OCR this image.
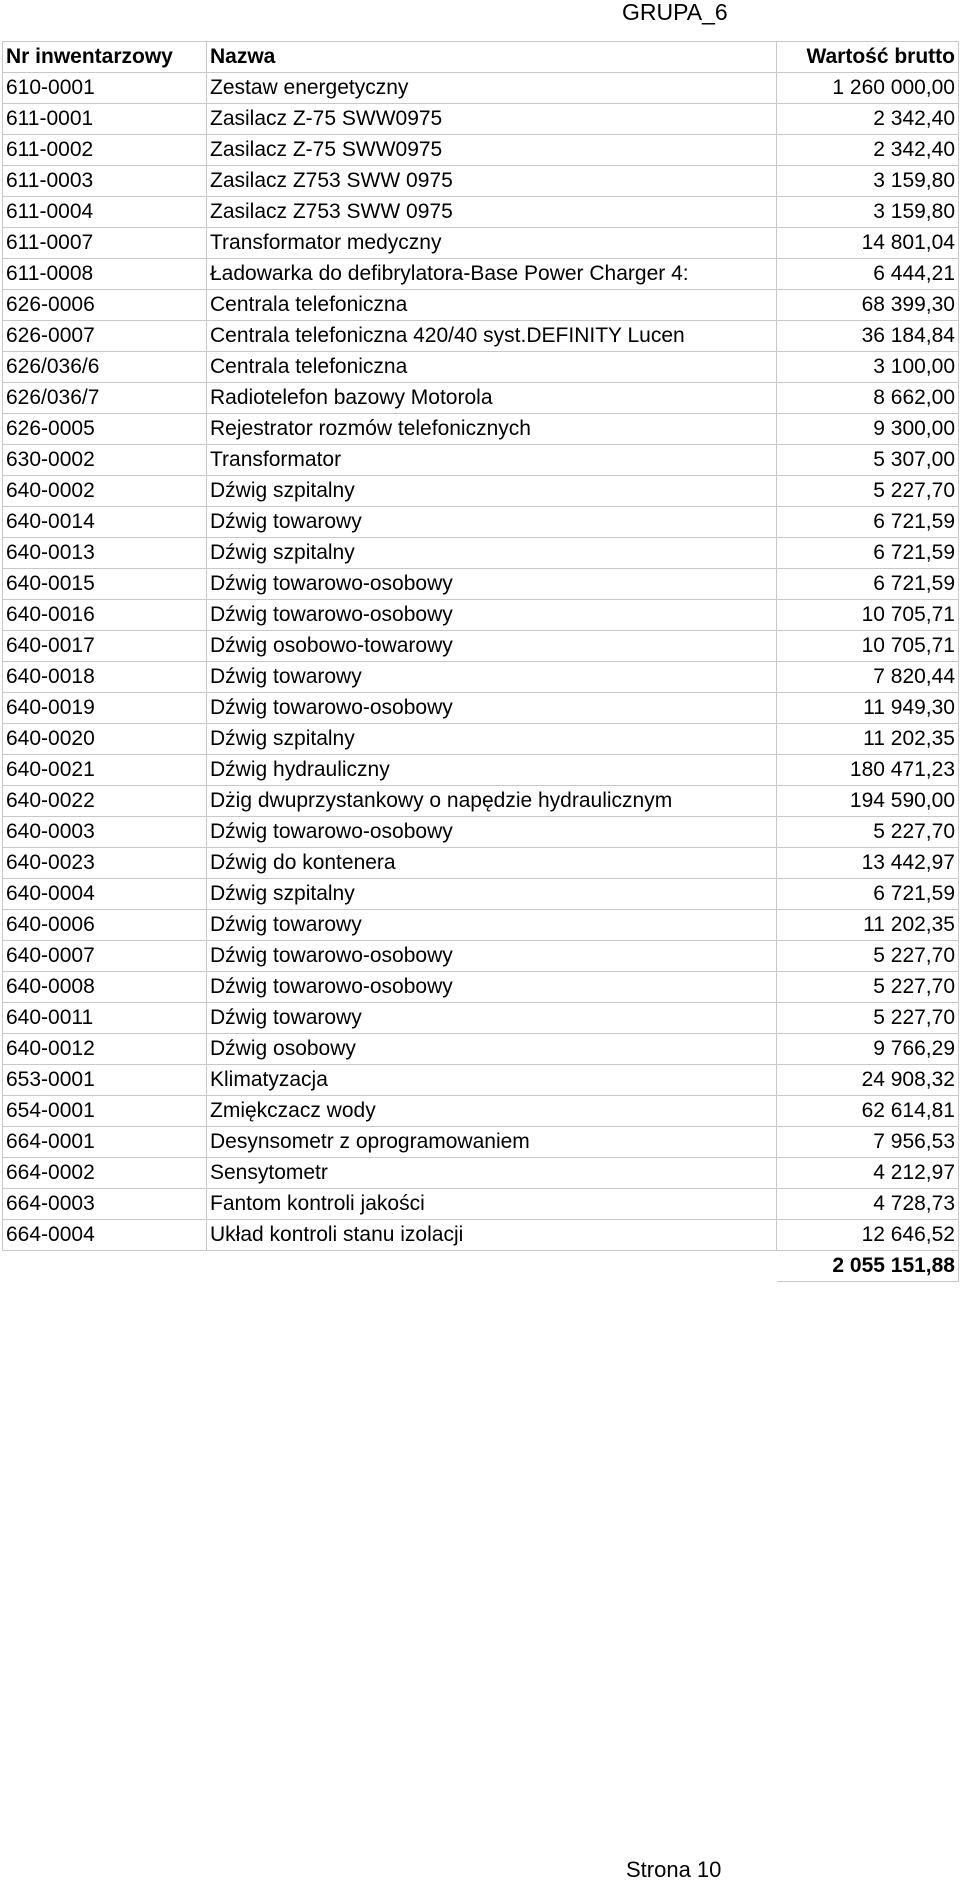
GRUPA_6
Nr inwentarzowy	Nazwa	Wartość brutto
610-0001	Zestaw energetyczny	1 260 000,00
611-0001	Zasilacz Z-75 SWW0975	2 342,40
611-0002	Zasilacz Z-75 SWW0975	2 342,40
611-0003	Zasilacz Z753 SWW 0975	3 159,80
611-0004	Zasilacz Z753 SWW 0975	3 159,80
611-0007	Transformator medyczny	14 801,04
611-0008	Ładowarka do defibrylatora-Base Power Charger 4:	6 444,21
626-0006	Centrala telefoniczna	68 399,30
626-0007	Centrala telefoniczna 420/40 syst.DEFINITY Lucen	36 184,84
626/036/6	Centrala telefoniczna	3 100,00
626/036/7	Radiotelefon bazowy Motorola	8 662,00
626-0005	Rejestrator rozmów telefonicznych	9 300,00
630-0002	Transformator	5 307,00
640-0002	Dźwig szpitalny	5 227,70
640-0014	Dźwig towarowy	6 721,59
640-0013	Dźwig szpitalny	6 721,59
640-0015	Dźwig towarowo-osobowy	6 721,59
640-0016	Dźwig towarowo-osobowy	10 705,71
640-0017	Dźwig osobowo-towarowy	10 705,71
640-0018	Dźwig towarowy	7 820,44
640-0019	Dźwig towarowo-osobowy	11 949,30
640-0020	Dźwig szpitalny	11 202,35
640-0021	Dźwig hydrauliczny	180 471,23
640-0022	Dżig dwuprzystankowy o napędzie hydraulicznym	194 590,00
640-0003	Dźwig towarowo-osobowy	5 227,70
640-0023	Dźwig do kontenera	13 442,97
640-0004	Dźwig szpitalny	6 721,59
640-0006	Dźwig towarowy	11 202,35
640-0007	Dźwig towarowo-osobowy	5 227,70
640-0008	Dźwig towarowo-osobowy	5 227,70
640-0011	Dźwig towarowy	5 227,70
640-0012	Dźwig osobowy	9 766,29
653-0001	Klimatyzacja	24 908,32
654-0001	Zmiękczacz wody	62 614,81
664-0001	Desynsometr z oprogramowaniem	7 956,53
664-0002	Sensytometr	4 212,97
664-0003	Fantom kontroli jakości	4 728,73
664-0004	Układ kontroli stanu izolacji	12 646,52
		2 055 151,88
Strona 10
